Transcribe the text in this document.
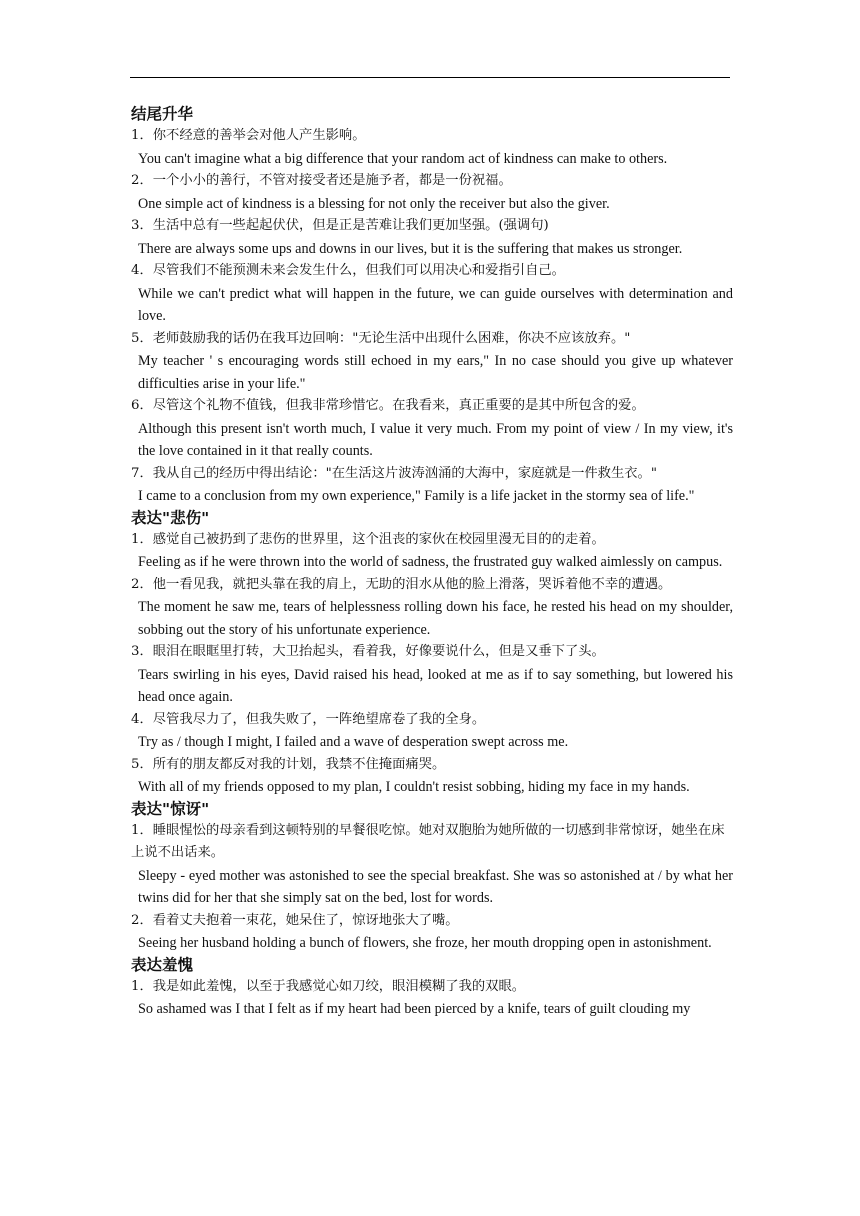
结尾升华

1．你不经意的善举会对他人产生影响。

You can't imagine what a big difference that your random act of kindness can make to others.

2．一个小小的善行，不管对接受者还是施予者，都是一份祝福。

One simple act of kindness is a blessing for not only the receiver but also the giver.

3．生活中总有一些起起伏伏，但是正是苦难让我们更加坚强。(强调句)

There are always some ups and downs in our lives, but it is the suffering that makes us stronger.

4．尽管我们不能预测未来会发生什么，但我们可以用决心和爱指引自己。

While we can't predict what will happen in the future, we can guide ourselves with determination and love.

5．老师鼓励我的话仍在我耳边回响："无论生活中出现什么困难，你决不应该放弃。"

My teacher ' s encouraging words still echoed in my ears," In no case should you give up whatever difficulties arise in your life."

6．尽管这个礼物不值钱，但我非常珍惜它。在我看来，真正重要的是其中所包含的爱。

Although this present isn't worth much, I value it very much. From my point of view / In my view, it's the love contained in it that really counts.

7．我从自己的经历中得出结论："在生活这片波涛汹涌的大海中，家庭就是一件救生衣。"

I came to a conclusion from my own experience," Family is a life jacket in the stormy sea of life."

表达"悲伤"

1．感觉自己被扔到了悲伤的世界里，这个沮丧的家伙在校园里漫无目的的走着。

Feeling as if he were thrown into the world of sadness, the frustrated guy walked aimlessly on campus.

2．他一看见我，就把头靠在我的肩上，无助的泪水从他的脸上滑落，哭诉着他不幸的遭遇。

The moment he saw me, tears of helplessness rolling down his face, he rested his head on my shoulder, sobbing out the story of his unfortunate experience.

3．眼泪在眼眶里打转，大卫抬起头，看着我，好像要说什么，但是又垂下了头。

Tears swirling in his eyes, David raised his head, looked at me as if to say something, but lowered his head once again.

4．尽管我尽力了，但我失败了，一阵绝望席卷了我的全身。

Try as / though I might, I failed and a wave of desperation swept across me.

5．所有的朋友都反对我的计划，我禁不住掩面痛哭。

With all of my friends opposed to my plan, I couldn't resist sobbing, hiding my face in my hands.

表达"惊讶"

1．睡眼惺忪的母亲看到这顿特别的早餐很吃惊。她对双胞胎为她所做的一切感到非常惊讶，她坐在床上说不出话来。

Sleepy - eyed mother was astonished to see the special breakfast. She was so astonished at / by what her twins did for her that she simply sat on the bed, lost for words.

2．看着丈夫抱着一束花，她呆住了，惊讶地张大了嘴。

Seeing her husband holding a bunch of flowers, she froze, her mouth dropping open in astonishment.

表达羞愧

1．我是如此羞愧，以至于我感觉心如刀绞，眼泪模糊了我的双眼。

So ashamed was I that I felt as if my heart had been pierced by a knife, tears of guilt clouding my
